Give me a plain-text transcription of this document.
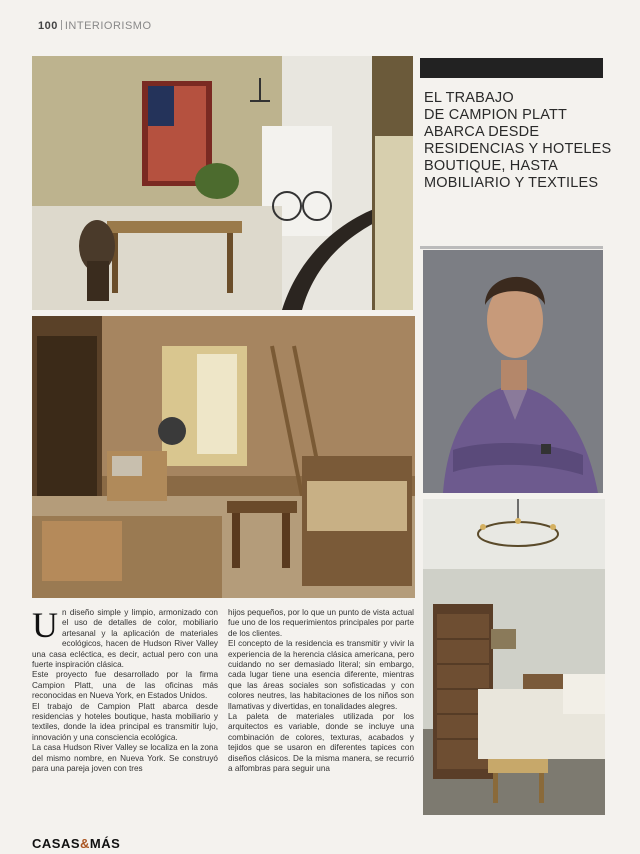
100 INTERIORISMO
EL TRABAJO
DE CAMPION PLATT
ABARCA DESDE
RESIDENCIAS Y HOTELES
BOUTIQUE, HASTA
MOBILIARIO Y TEXTILES
U n diseño simple y limpio, armonizado con el uso de detalles de color, mobiliario artesanal y la aplicación de materiales ecológicos, hacen de Hudson River Valley una casa ecléctica, es decir, actual pero con una fuerte inspiración clásica.

Este proyecto fue desarrollado por la firma Campion Platt, una de las oficinas más reconocidas en Nueva York, en Estados Unidos.

El trabajo de Campion Platt abarca desde residencias y hoteles boutique, hasta mobiliario y textiles, donde la idea principal es transmitir lujo, innovación y una consciencia ecológica.

La casa Hudson River Valley se localiza en la zona del mismo nombre, en Nueva York. Se construyó para una pareja joven con tres

hijos pequeños, por lo que un punto de vista actual fue uno de los requerimientos principales por parte de los clientes.

El concepto de la residencia es transmitir y vivir la experiencia de la herencia clásica americana, pero cuidando no ser demasiado literal; sin embargo, cada lugar tiene una esencia diferente, mientras que las áreas sociales son sofisticadas y con colores neutres, las habitaciones de los niños son llamativas y divertidas, en tonalidades alegres.

La paleta de materiales utilizada por los arquitectos es variable, donde se incluye una combinación de colores, texturas, acabados y tejidos que se usaron en diferentes tapices con diseños clásicos. De la misma manera, se recurrió a alfombras para seguir una

CASAS&MÁS
